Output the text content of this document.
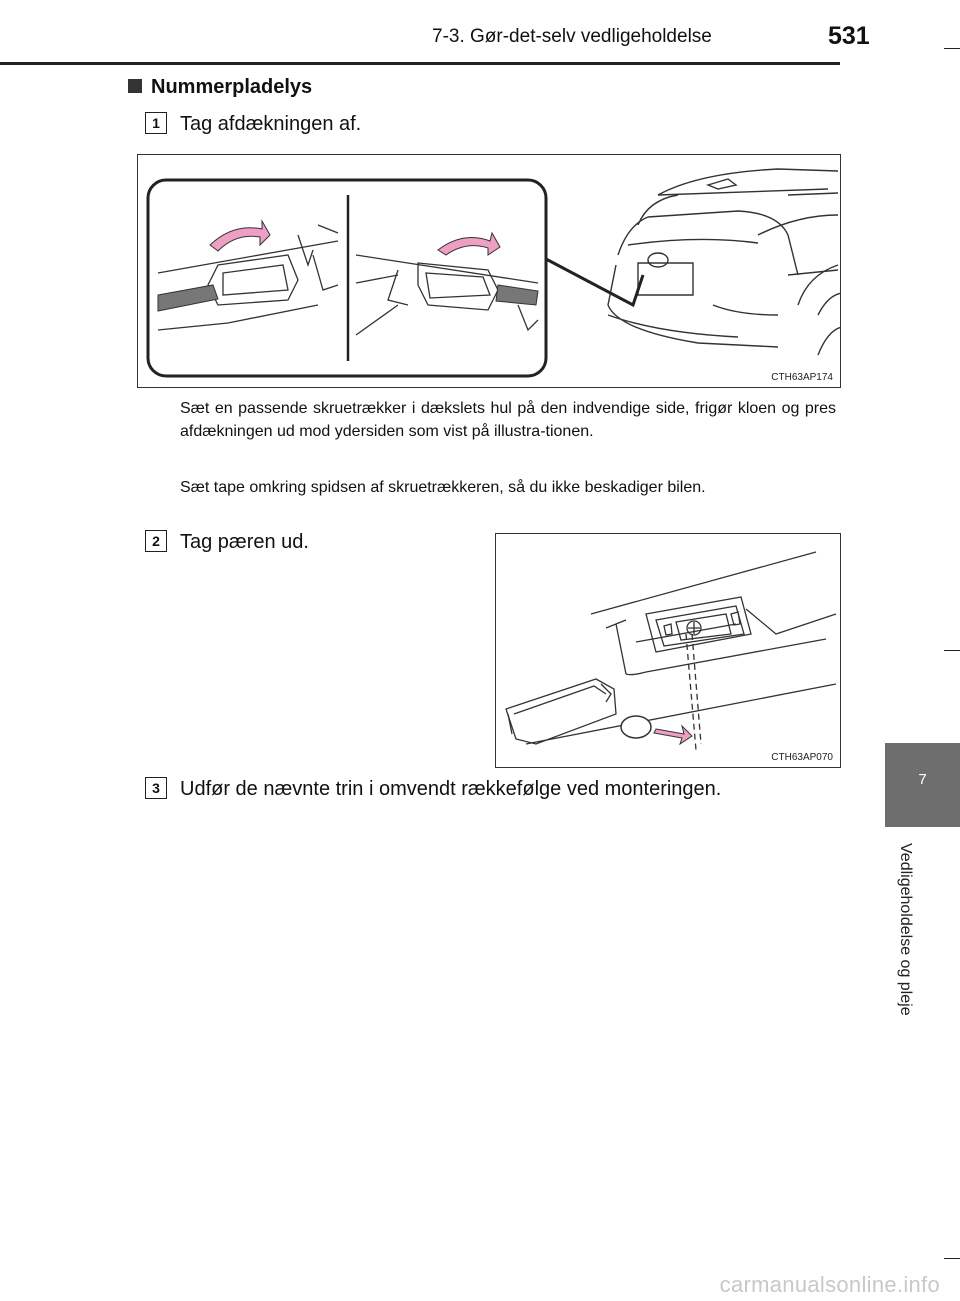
7-3. Gør-det-selv vedligeholdelse	531
7
Vedligeholdelse og pleje
Nummerpladelys
1	Tag afdækningen af.
CTH63AP174
Sæt en passende skruetrækker i dækslets hul på den indvendige side, frigør kloen og pres afdækningen ud mod ydersiden som vist på illustra-tionen.
Sæt tape omkring spidsen af skruetrækkeren, så du ikke beskadiger bilen.
2	Tag pæren ud.
CTH63AP070
3	Udfør de nævnte trin i omvendt rækkefølge ved monteringen.
carmanualsonline.info
